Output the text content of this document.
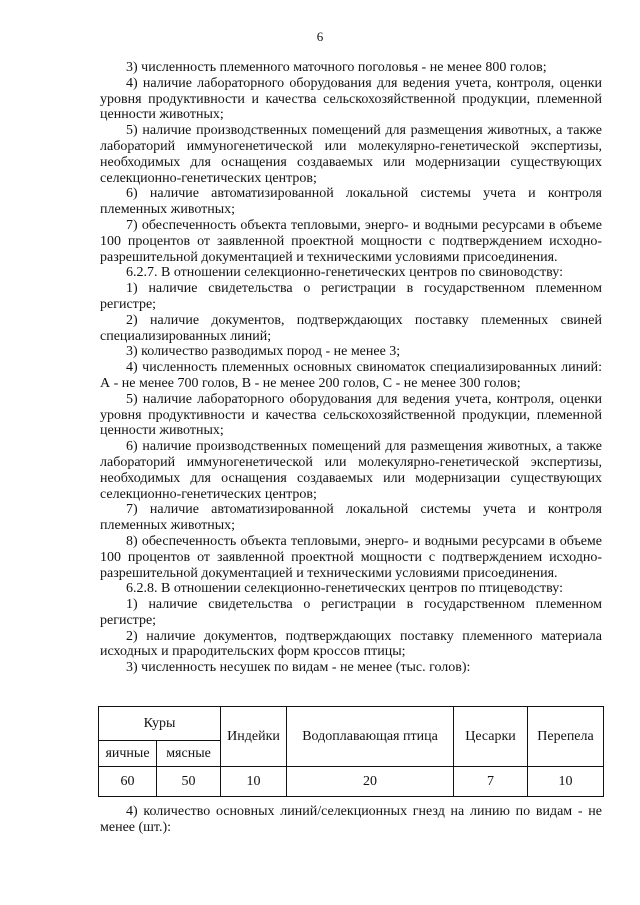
6

3) численность племенного маточного поголовья - не менее 800 голов;

4) наличие лабораторного оборудования для ведения учета, контроля, оценки уровня продуктивности и качества сельскохозяйственной продукции, племенной ценности животных;

5) наличие производственных помещений для размещения животных, а также лабораторий иммуногенетической или молекулярно-генетической экспертизы, необходимых для оснащения создаваемых или модернизации существующих селекционно-генетических центров;

6) наличие автоматизированной локальной системы учета и контроля племенных животных;

7) обеспеченность объекта тепловыми, энерго- и водными ресурсами в объеме 100 процентов от заявленной проектной мощности с подтверждением исходно-разрешительной документацией и техническими условиями присоединения.

6.2.7. В отношении селекционно-генетических центров по свиноводству:

1) наличие свидетельства о регистрации в государственном племенном регистре;

2) наличие документов, подтверждающих поставку племенных свиней специализированных линий;

3) количество разводимых пород - не менее 3;

4) численность племенных основных свиноматок специализированных линий: А - не менее 700 голов, В - не менее 200 голов, С - не менее 300 голов;

5) наличие лабораторного оборудования для ведения учета, контроля, оценки уровня продуктивности и качества сельскохозяйственной продукции, племенной ценности животных;

6) наличие производственных помещений для размещения животных, а также лабораторий иммуногенетической или молекулярно-генетической экспертизы, необходимых для оснащения создаваемых или модернизации существующих селекционно-генетических центров;

7) наличие автоматизированной локальной системы учета и контроля племенных животных;

8) обеспеченность объекта тепловыми, энерго- и водными ресурсами в объеме 100 процентов от заявленной проектной мощности с подтверждением исходно-разрешительной документацией и техническими условиями присоединения.

6.2.8. В отношении селекционно-генетических центров по птицеводству:

1) наличие свидетельства о регистрации в государственном племенном регистре;

2) наличие документов, подтверждающих поставку племенного материала исходных и прародительских форм кроссов птицы;

3) численность несушек по видам - не менее (тыс. голов):

Куры		Индейки	Водоплавающая птица	Цесарки	Перепела
яичные	мясные				
60	50	10	20	7	10

4) количество основных линий/селекционных гнезд на линию по видам - не менее (шт.):
